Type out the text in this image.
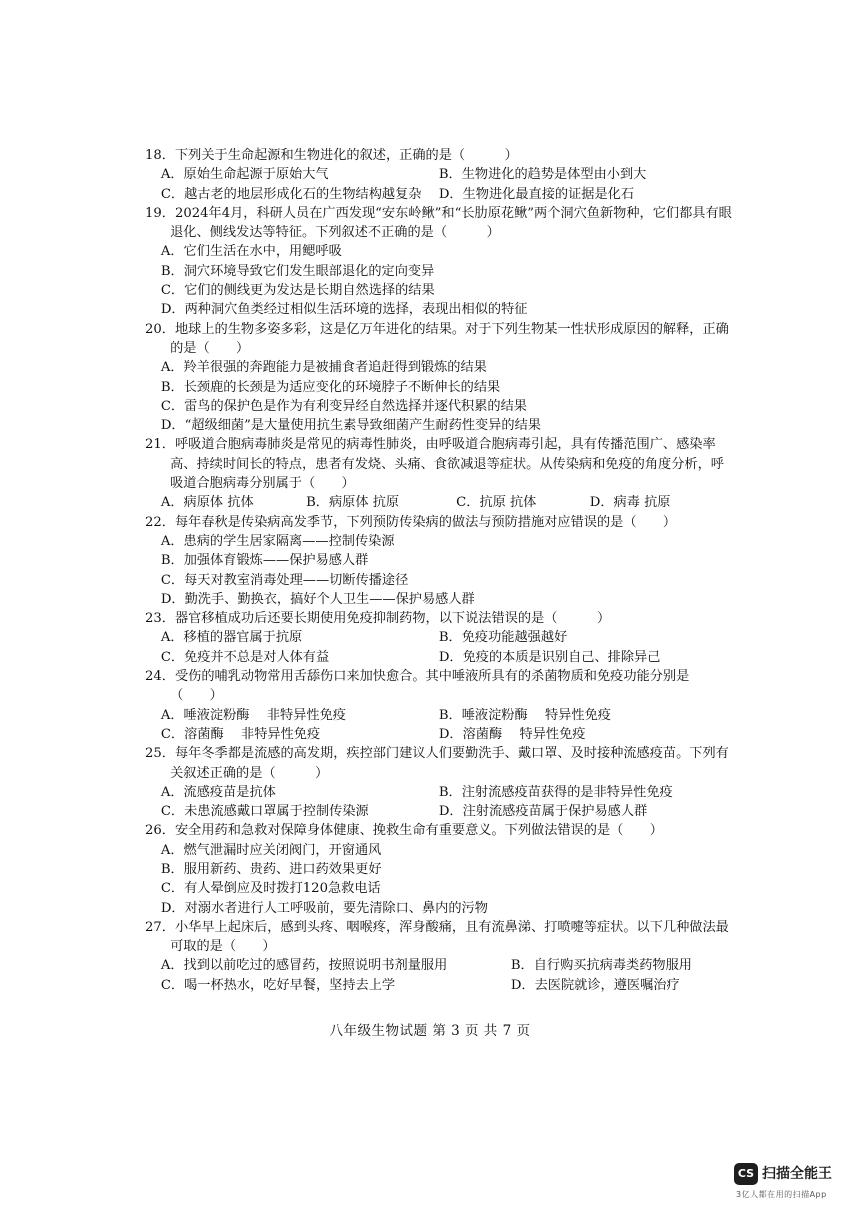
18．下列关于生命起源和生物进化的叙述，正确的是（　　　）
A．原始生命起源于原始大气	B．生物进化的趋势是体型由小到大
C．越古老的地层形成化石的生物结构越复杂	D．生物进化最直接的证据是化石
19．2024年4月，科研人员在广西发现“安东岭鳅”和“长肋原花鳅”两个洞穴鱼新物种，它们都具有眼退化、侧线发达等特征。下列叙述不正确的是（　　　）
A．它们生活在水中，用鳃呼吸
B．洞穴环境导致它们发生眼部退化的定向变异
C．它们的侧线更为发达是长期自然选择的结果
D．两种洞穴鱼类经过相似生活环境的选择，表现出相似的特征
20．地球上的生物多姿多彩，这是亿万年进化的结果。对于下列生物某一性状形成原因的解释，正确的是（　　）
A．羚羊很强的奔跑能力是被捕食者追赶得到锻炼的结果
B．长颈鹿的长颈是为适应变化的环境脖子不断伸长的结果
C．雷鸟的保护色是作为有利变异经自然选择并逐代积累的结果
D．“超级细菌”是大量使用抗生素导致细菌产生耐药性变异的结果
21．呼吸道合胞病毒肺炎是常见的病毒性肺炎，由呼吸道合胞病毒引起，具有传播范围广、感染率高、持续时间长的特点，患者有发烧、头痛、食欲减退等症状。从传染病和免疫的角度分析，呼吸道合胞病毒分别属于（　　）
A．病原体 抗体	B．病原体 抗原	C．抗原 抗体	D．病毒 抗原
22．每年春秋是传染病高发季节，下列预防传染病的做法与预防措施对应错误的是（　　）
A．患病的学生居家隔离——控制传染源
B．加强体育锻炼——保护易感人群
C．每天对教室消毒处理——切断传播途径
D．勤洗手、勤换衣，搞好个人卫生——保护易感人群
23．器官移植成功后还要长期使用免疫抑制药物，以下说法错误的是（　　　）
A．移植的器官属于抗原	B．免疫功能越强越好
C．免疫并不总是对人体有益	D．免疫的本质是识别自己、排除异己
24．受伤的哺乳动物常用舌舔伤口来加快愈合。其中唾液所具有的杀菌物质和免疫功能分别是（　　）
A．唾液淀粉酶　 非特异性免疫	B．唾液淀粉酶　 特异性免疫
C．溶菌酶　 非特异性免疫	D．溶菌酶　 特异性免疫
25．每年冬季都是流感的高发期，疾控部门建议人们要勤洗手、戴口罩、及时接种流感疫苗。下列有关叙述正确的是（　　　）
A．流感疫苗是抗体	B．注射流感疫苗获得的是非特异性免疫
C．未患流感戴口罩属于控制传染源	D．注射流感疫苗属于保护易感人群
26．安全用药和急救对保障身体健康、挽救生命有重要意义。下列做法错误的是（　　）
A．燃气泄漏时应关闭阀门，开窗通风
B．服用新药、贵药、进口药效果更好
C．有人晕倒应及时拨打120急救电话
D．对溺水者进行人工呼吸前，要先清除口、鼻内的污物
27．小华早上起床后，感到头疼、咽喉疼，浑身酸痛，且有流鼻涕、打喷嚏等症状。以下几种做法最可取的是（　　）
A．找到以前吃过的感冒药，按照说明书剂量服用	B．自行购买抗病毒类药物服用
C．喝一杯热水，吃好早餐，坚持去上学	D．去医院就诊，遵医嘱治疗
八年级生物试题 第 3 页 共 7 页
CS 扫描全能王
3亿人都在用的扫描App
